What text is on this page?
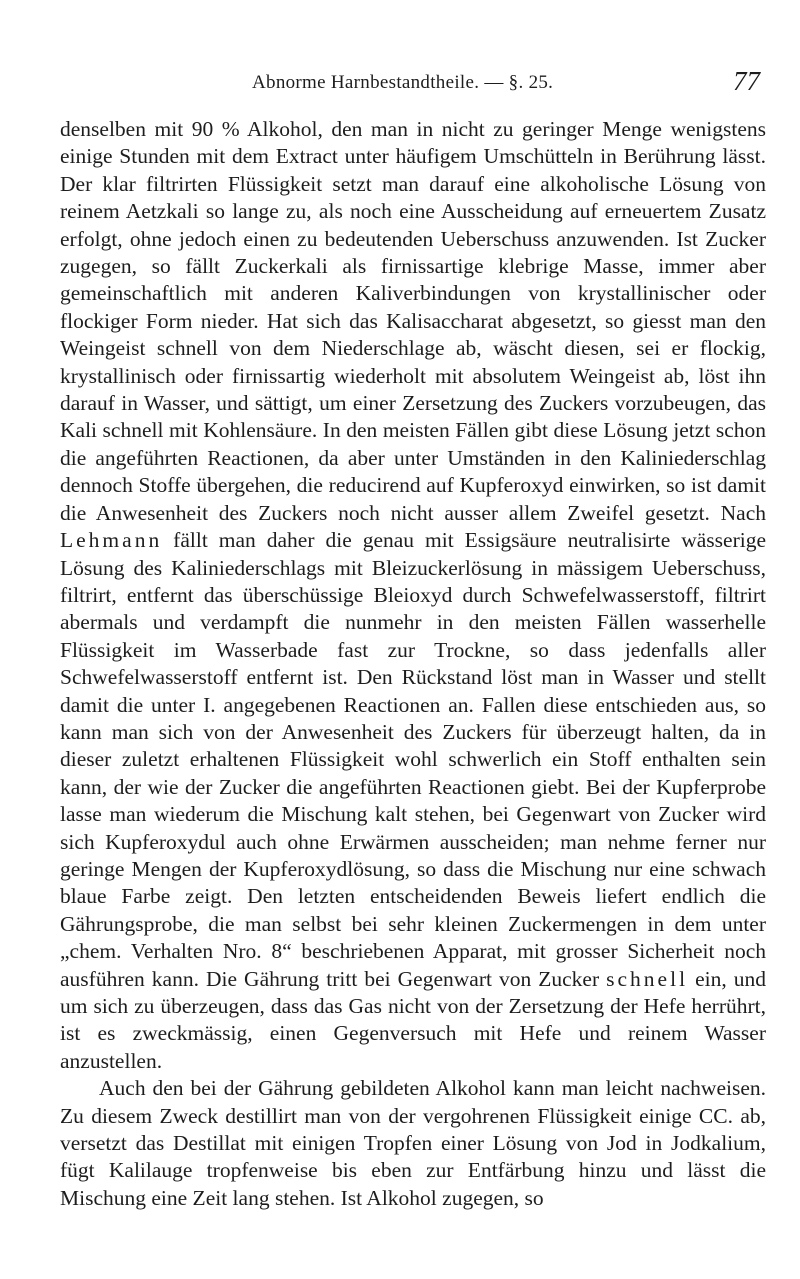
Abnorme Harnbestandtheile. — §. 25.	77

denselben mit 90 % Alkohol, den man in nicht zu geringer Menge wenigstens einige Stunden mit dem Extract unter häufigem Umschütteln in Berührung lässt. Der klar filtrirten Flüssigkeit setzt man darauf eine alkoholische Lösung von reinem Aetzkali so lange zu, als noch eine Ausscheidung auf erneuertem Zusatz erfolgt, ohne jedoch einen zu bedeutenden Ueberschuss anzuwenden. Ist Zucker zugegen, so fällt Zuckerkali als firnissartige klebrige Masse, immer aber gemeinschaftlich mit anderen Kaliverbindungen von krystallinischer oder flockiger Form nieder. Hat sich das Kalisaccharat abgesetzt, so giesst man den Weingeist schnell von dem Niederschlage ab, wäscht diesen, sei er flockig, krystallinisch oder firnissartig wiederholt mit absolutem Weingeist ab, löst ihn darauf in Wasser, und sättigt, um einer Zersetzung des Zuckers vorzubeugen, das Kali schnell mit Kohlensäure. In den meisten Fällen gibt diese Lösung jetzt schon die angeführten Reactionen, da aber unter Umständen in den Kaliniederschlag dennoch Stoffe übergehen, die reducirend auf Kupferoxyd einwirken, so ist damit die Anwesenheit des Zuckers noch nicht ausser allem Zweifel gesetzt. Nach Lehmann fällt man daher die genau mit Essigsäure neutralisirte wässerige Lösung des Kaliniederschlags mit Bleizuckerlösung in mässigem Ueberschuss, filtrirt, entfernt das überschüssige Bleioxyd durch Schwefelwasserstoff, filtrirt abermals und verdampft die nunmehr in den meisten Fällen wasserhelle Flüssigkeit im Wasserbade fast zur Trockne, so dass jedenfalls aller Schwefelwasserstoff entfernt ist. Den Rückstand löst man in Wasser und stellt damit die unter I. angegebenen Reactionen an. Fallen diese entschieden aus, so kann man sich von der Anwesenheit des Zuckers für überzeugt halten, da in dieser zuletzt erhaltenen Flüssigkeit wohl schwerlich ein Stoff enthalten sein kann, der wie der Zucker die angeführten Reactionen giebt. Bei der Kupferprobe lasse man wiederum die Mischung kalt stehen, bei Gegenwart von Zucker wird sich Kupferoxydul auch ohne Erwärmen ausscheiden; man nehme ferner nur geringe Mengen der Kupferoxydlösung, so dass die Mischung nur eine schwach blaue Farbe zeigt. Den letzten entscheidenden Beweis liefert endlich die Gährungsprobe, die man selbst bei sehr kleinen Zuckermengen in dem unter „chem. Verhalten Nro. 8“ beschriebenen Apparat, mit grosser Sicherheit noch ausführen kann. Die Gährung tritt bei Gegenwart von Zucker schnell ein, und um sich zu überzeugen, dass das Gas nicht von der Zersetzung der Hefe herrührt, ist es zweckmässig, einen Gegenversuch mit Hefe und reinem Wasser anzustellen.

Auch den bei der Gährung gebildeten Alkohol kann man leicht nachweisen. Zu diesem Zweck destillirt man von der vergohrenen Flüssigkeit einige CC. ab, versetzt das Destillat mit einigen Tropfen einer Lösung von Jod in Jodkalium, fügt Kalilauge tropfenweise bis eben zur Entfärbung hinzu und lässt die Mischung eine Zeit lang stehen. Ist Alkohol zugegen, so
